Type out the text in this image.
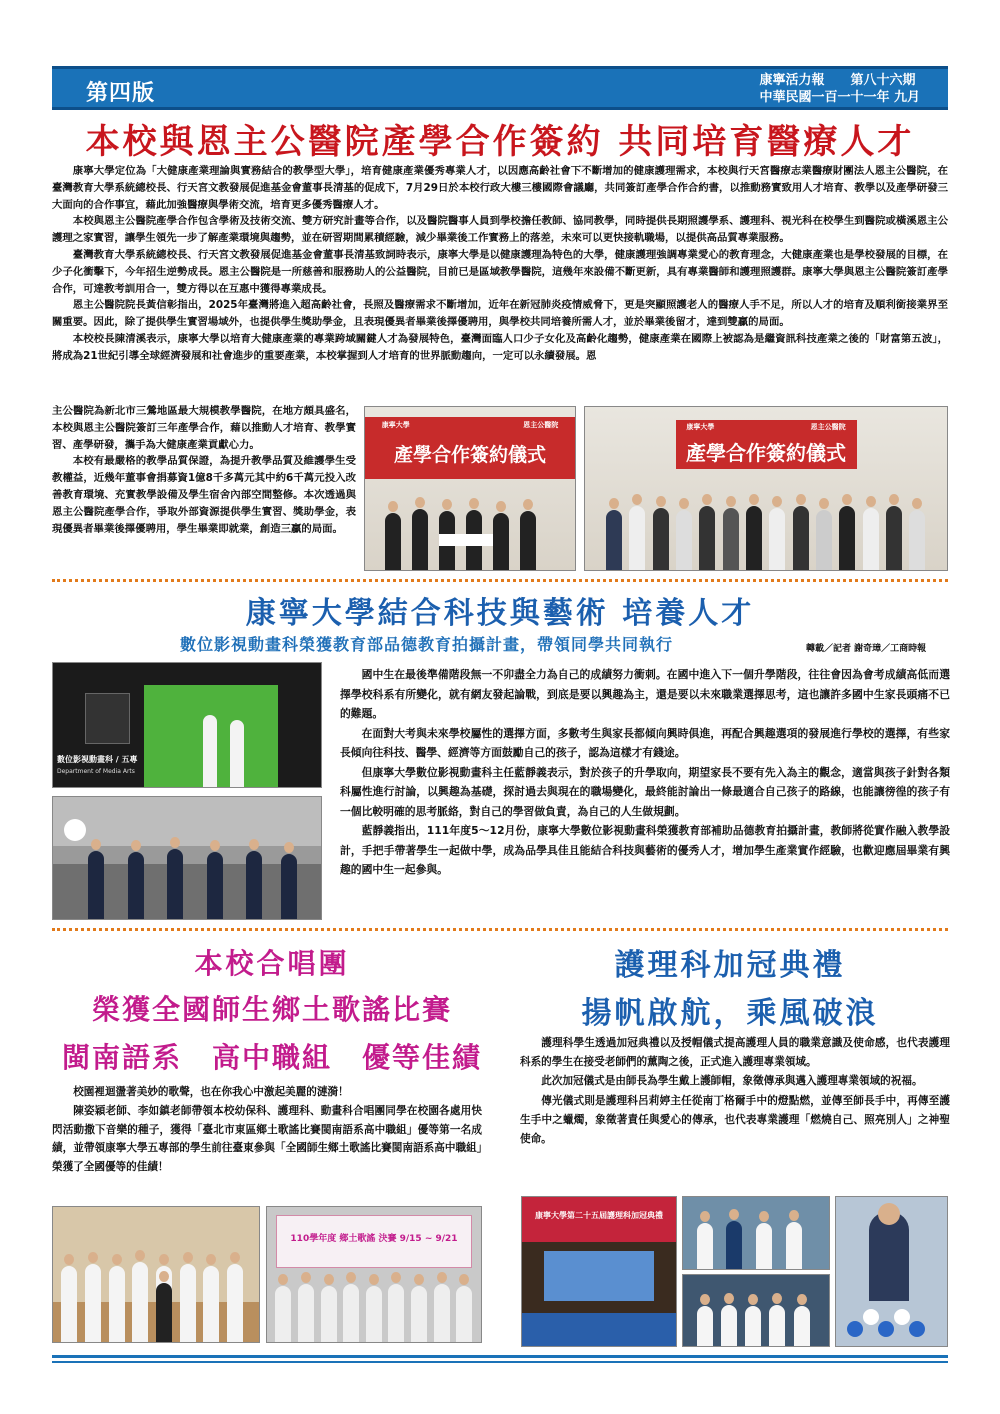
第四版
康寧活力報　　第八十六期
中華民國一百一十一年 九月
本校與恩主公醫院產學合作簽約 共同培育醫療人才

康寧大學定位為「大健康產業理論與實務結合的教學型大學」，培育健康產業優秀專業人才，以因應高齡社會下不斷增加的健康護理需求，本校與行天宮醫療志業醫療財團法人恩主公醫院，在臺灣教育大學系統總校長、行天宮文教發展促進基金會董事長清基的促成下，7月29日於本校行政大樓三樓國際會議廳，共同簽訂產學合作合約書，以推動務實致用人才培育、教學以及產學研發三大面向的合作事宜，藉此加強醫療與學術交流，培育更多優秀醫療人才。

本校與恩主公醫院產學合作包含學術及技術交流、雙方研究計畫等合作，以及醫院醫事人員到學校擔任教師、協同教學，同時提供長期照護學系、護理科、視光科在校學生到醫院或橫溪恩主公護理之家實習，讓學生領先一步了解產業環境與趨勢，並在研習期間累積經驗，減少畢業後工作實務上的落差，未來可以更快接軌職場，以提供高品質專業服務。

臺灣教育大學系統總校長、行天宮文教發展促進基金會董事長清基致詞時表示，康寧大學是以健康護理為特色的大學，健康護理強調專業愛心的教育理念，大健康產業也是學校發展的目標，在少子化衝擊下，今年招生逆勢成長。恩主公醫院是一所慈善和服務助人的公益醫院，目前已是區域教學醫院，這幾年來設備不斷更新，具有專業醫師和護理照護群。康寧大學與恩主公醫院簽訂產學合作，可達教考訓用合一，雙方得以在互惠中獲得專業成長。

恩主公醫院院長黃信彰指出，2025年臺灣將進入超高齡社會，長照及醫療需求不斷增加，近年在新冠肺炎疫情威脅下，更是突顯照護老人的醫療人手不足，所以人才的培育及順利銜接業界至關重要。因此，除了提供學生實習場域外，也提供學生獎助學金，且表現優異者畢業後擇優聘用，與學校共同培養所需人才，並於畢業後留才，達到雙贏的局面。

本校校長陳清溪表示，康寧大學以培育大健康產業的專業跨域關鍵人才為發展特色，臺灣面臨人口少子女化及高齡化趨勢，健康產業在國際上被認為是繼資訊科技產業之後的「財富第五波」，將成為21世紀引導全球經濟發展和社會進步的重要產業，本校掌握到人才培育的世界脈動趨向，一定可以永續發展。恩

主公醫院為新北市三鶯地區最大規模教學醫院，在地方頗具盛名，本校與恩主公醫院簽訂三年產學合作，藉以推動人才培育、教學實習、產學研發，攜手為大健康產業貢獻心力。

本校有最嚴格的教學品質保證，為提升教學品質及維護學生受教權益，近幾年董事會捐募資1億8千多萬元其中約6千萬元投入改善教育環境、充實教學設備及學生宿舍內部空間整修。本次透過與恩主公醫院產學合作，爭取外部資源提供學生實習、獎助學金，表現優異者畢業後擇優聘用，學生畢業即就業，創造三贏的局面。

康寧大學	恩主公醫院
產學合作簽約儀式
康寧大學	恩主公醫院
產學合作簽約儀式
康寧大學結合科技與藝術 培養人才
數位影視動畫科榮獲教育部品德教育拍攝計畫，帶領同學共同執行	轉載／記者 謝奇璋／工商時報
數位影視動畫科 / 五專
Department of Media Arts

國中生在最後準備階段無一不卯盡全力為自己的成績努力衝刺。在國中進入下一個升學階段，往往會因為會考成績高低而選擇學校科系有所變化，就有網友發起論戰，到底是要以興趣為主，還是要以未來職業選擇思考，這也讓許多國中生家長頭痛不已的難題。

在面對大考與未來學校屬性的選擇方面，多數考生與家長都傾向興時俱進，再配合興趣選項的發展進行學校的選擇，有些家長傾向往科技、醫學、經濟等方面鼓勵自己的孩子，認為這樣才有錢途。

但康寧大學數位影視動畫科主任藍靜義表示，對於孩子的升學取向，期望家長不要有先入為主的觀念，適當與孩子針對各類科屬性進行討論，以興趣為基礎，探討過去與現在的職場變化，最終能討論出一條最適合自己孩子的路線，也能讓徬徨的孩子有一個比較明確的思考脈絡，對自己的學習做負責，為自己的人生做規劃。

藍靜義指出，111年度5～12月份，康寧大學數位影視動畫科榮獲教育部補助品德教育拍攝計畫，教師將從實作融入教學設計，手把手帶著學生一起做中學，成為品學具佳且能結合科技與藝術的優秀人才，增加學生產業實作經驗，也歡迎應屆畢業有興趣的國中生一起參與。

本校合唱團
榮獲全國師生鄉土歌謠比賽
閩南語系　高中職組　優等佳績

校園裡迴盪著美妙的歌聲，也在你我心中激起美麗的漣漪！

陳姿穎老師、李如鎮老師帶領本校幼保科、護理科、動畫科合唱團同學在校園各處用快閃活動撒下音樂的種子，獲得「臺北市東區鄉土歌謠比賽閩南語系高中職組」優等第一名成績，並帶領康寧大學五專部的學生前往臺東參與「全國師生鄉土歌謠比賽閩南語系高中職組」榮獲了全國優等的佳績！

110學年度 鄉土歌謠 決賽 9/15 ~ 9/21
護理科加冠典禮
揚帆啟航，乘風破浪

護理科學生透過加冠典禮以及授帽儀式提高護理人員的職業意識及使命感，也代表護理科系的學生在接受老師們的薰陶之後，正式進入護理專業領域。

此次加冠儀式是由師長為學生戴上護師帽，象徵傳承與邁入護理專業領域的祝福。

傳光儀式則是護理科呂莉婷主任從南丁格爾手中的燈點燃，並傳至師長手中，再傳至護生手中之蠟燭，象徵著責任與愛心的傳承，也代表專業護理「燃燒自己、照亮別人」之神聖使命。

康寧大學第二十五屆護理科加冠典禮
